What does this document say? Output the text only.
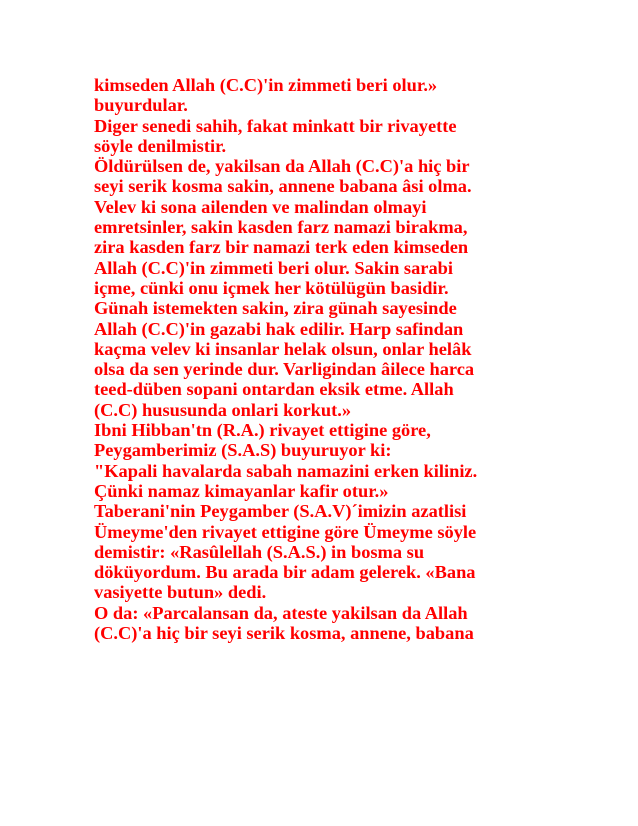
kimseden Allah (C.C)'in zimmeti beri olur.»
buyurdular.
Diger senedi sahih, fakat minkatt bir rivayette
söyle denilmistir.
Öldürülsen de, yakilsan da Allah (C.C)'a hiç bir
seyi serik kosma sakin, annene babana âsi olma.
Velev ki sona ailenden ve malindan olmayi
emretsinler, sakin kasden farz namazi birakma,
zira kasden farz bir namazi terk eden kimseden
Allah (C.C)'in zimmeti beri olur. Sakin sarabi
içme, cünki onu içmek her kötülügün basidir.
Günah istemekten sakin, zira günah sayesinde
Allah (C.C)'in gazabi hak edilir. Harp safindan
kaçma velev ki insanlar helak olsun, onlar helâk
olsa da sen yerinde dur. Varligindan âilece harca
teed-düben sopani ontardan eksik etme. Allah
(C.C) hususunda onlari korkut.»
Ibni Hibban'tn (R.A.) rivayet ettigine göre,
Peygamberimiz (S.A.S) buyuruyor ki:
"Kapali havalarda sabah namazini erken kiliniz.
Çünki namaz kimayanlar kafir otur.»
Taberani'nin Peygamber (S.A.V)´imizin azatlisi
Ümeyme'den rivayet ettigine göre Ümeyme söyle
demistir: «Rasûlellah (S.A.S.) in bosma su
döküyordum. Bu arada bir adam gelerek. «Bana
vasiyette butun» dedi.
O da: «Parcalansan da, ateste yakilsan da Allah
(C.C)'a hiç bir seyi serik kosma, annene, babana
